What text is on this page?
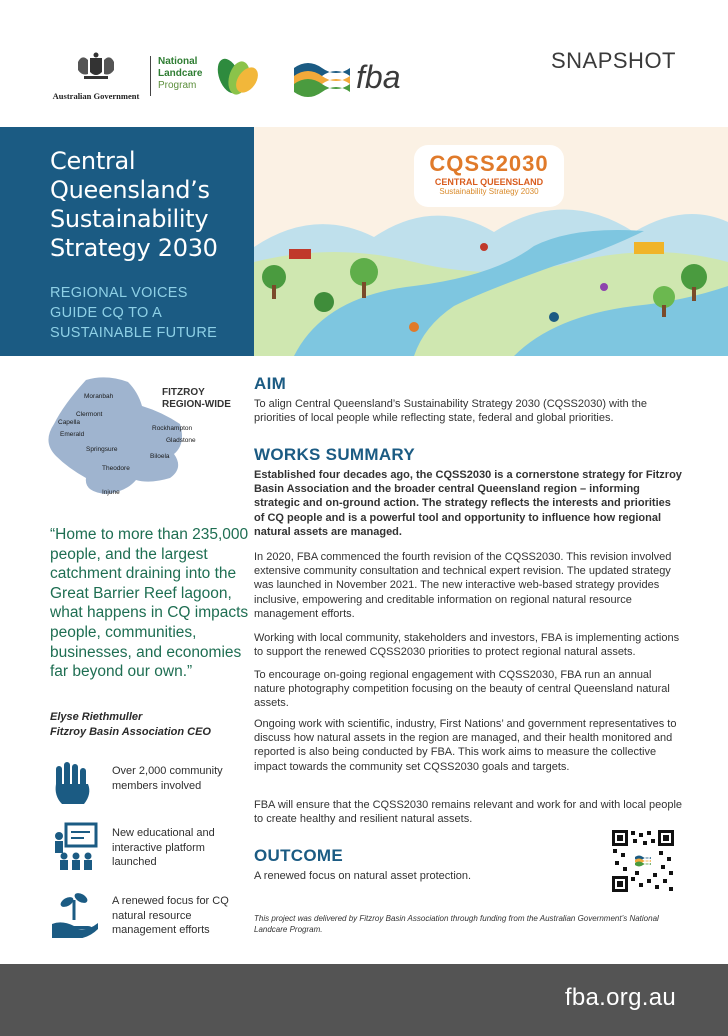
Australian Government
National
Landcare
Program	fba	SNAPSHOT
Central Queensland’s Sustainability Strategy 2030
REGIONAL VOICES GUIDE CQ TO A SUSTAINABLE FUTURE
CQSS2030
CENTRAL QUEENSLAND
Sustainability Strategy 2030
Moranbah
Clermont
Capella
Emerald
Springsure
Rockhampton
Gladstone
Biloela
Theodore
Injune
FITZROY
REGION-WIDE
“Home to more than 235,000 people, and the largest catchment draining into the Great Barrier Reef lagoon, what happens in CQ impacts people, communities, businesses, and economies far beyond our own.”
Elyse Riethmuller
Fitzroy Basin Association CEO
Over 2,000 community members involved
New educational and interactive platform launched
A renewed focus for CQ natural resource management efforts
AIM

To align Central Queensland’s Sustainability Strategy 2030 (CQSS2030) with the priorities of local people while reflecting state, federal and global priorities.

WORKS SUMMARY

Established four decades ago, the CQSS2030 is a cornerstone strategy for Fitzroy Basin Association and the broader central Queensland region – informing strategic and on-ground action. The strategy reflects the interests and priorities of CQ people and is a powerful tool and opportunity to influence how regional natural assets are managed.

In 2020, FBA commenced the fourth revision of the CQSS2030. This revision involved extensive community consultation and technical expert revision. The updated strategy was launched in November 2021. The new interactive web-based strategy provides inclusive, empowering and creditable information on regional natural resource management efforts.

Working with local community, stakeholders and investors, FBA is implementing actions to support the renewed CQSS2030 priorities to protect regional natural assets.

To encourage on-going regional engagement with CQSS2030, FBA run an annual nature photography competition focusing on the beauty of central Queensland natural assets.

Ongoing work with scientific, industry, First Nations’ and government representatives to discuss how natural assets in the region are managed, and their health monitored and reported is also being conducted by FBA. This work aims to measure the collective impact towards the community set CQSS2030 goals and targets.

FBA will ensure that the CQSS2030 remains relevant and work for and with local people to create healthy and resilient natural assets.

OUTCOME

A renewed focus on natural asset protection.

This project was delivered by Fitzroy Basin Association through funding from the Australian Government’s National Landcare Program.

fba.org.au
